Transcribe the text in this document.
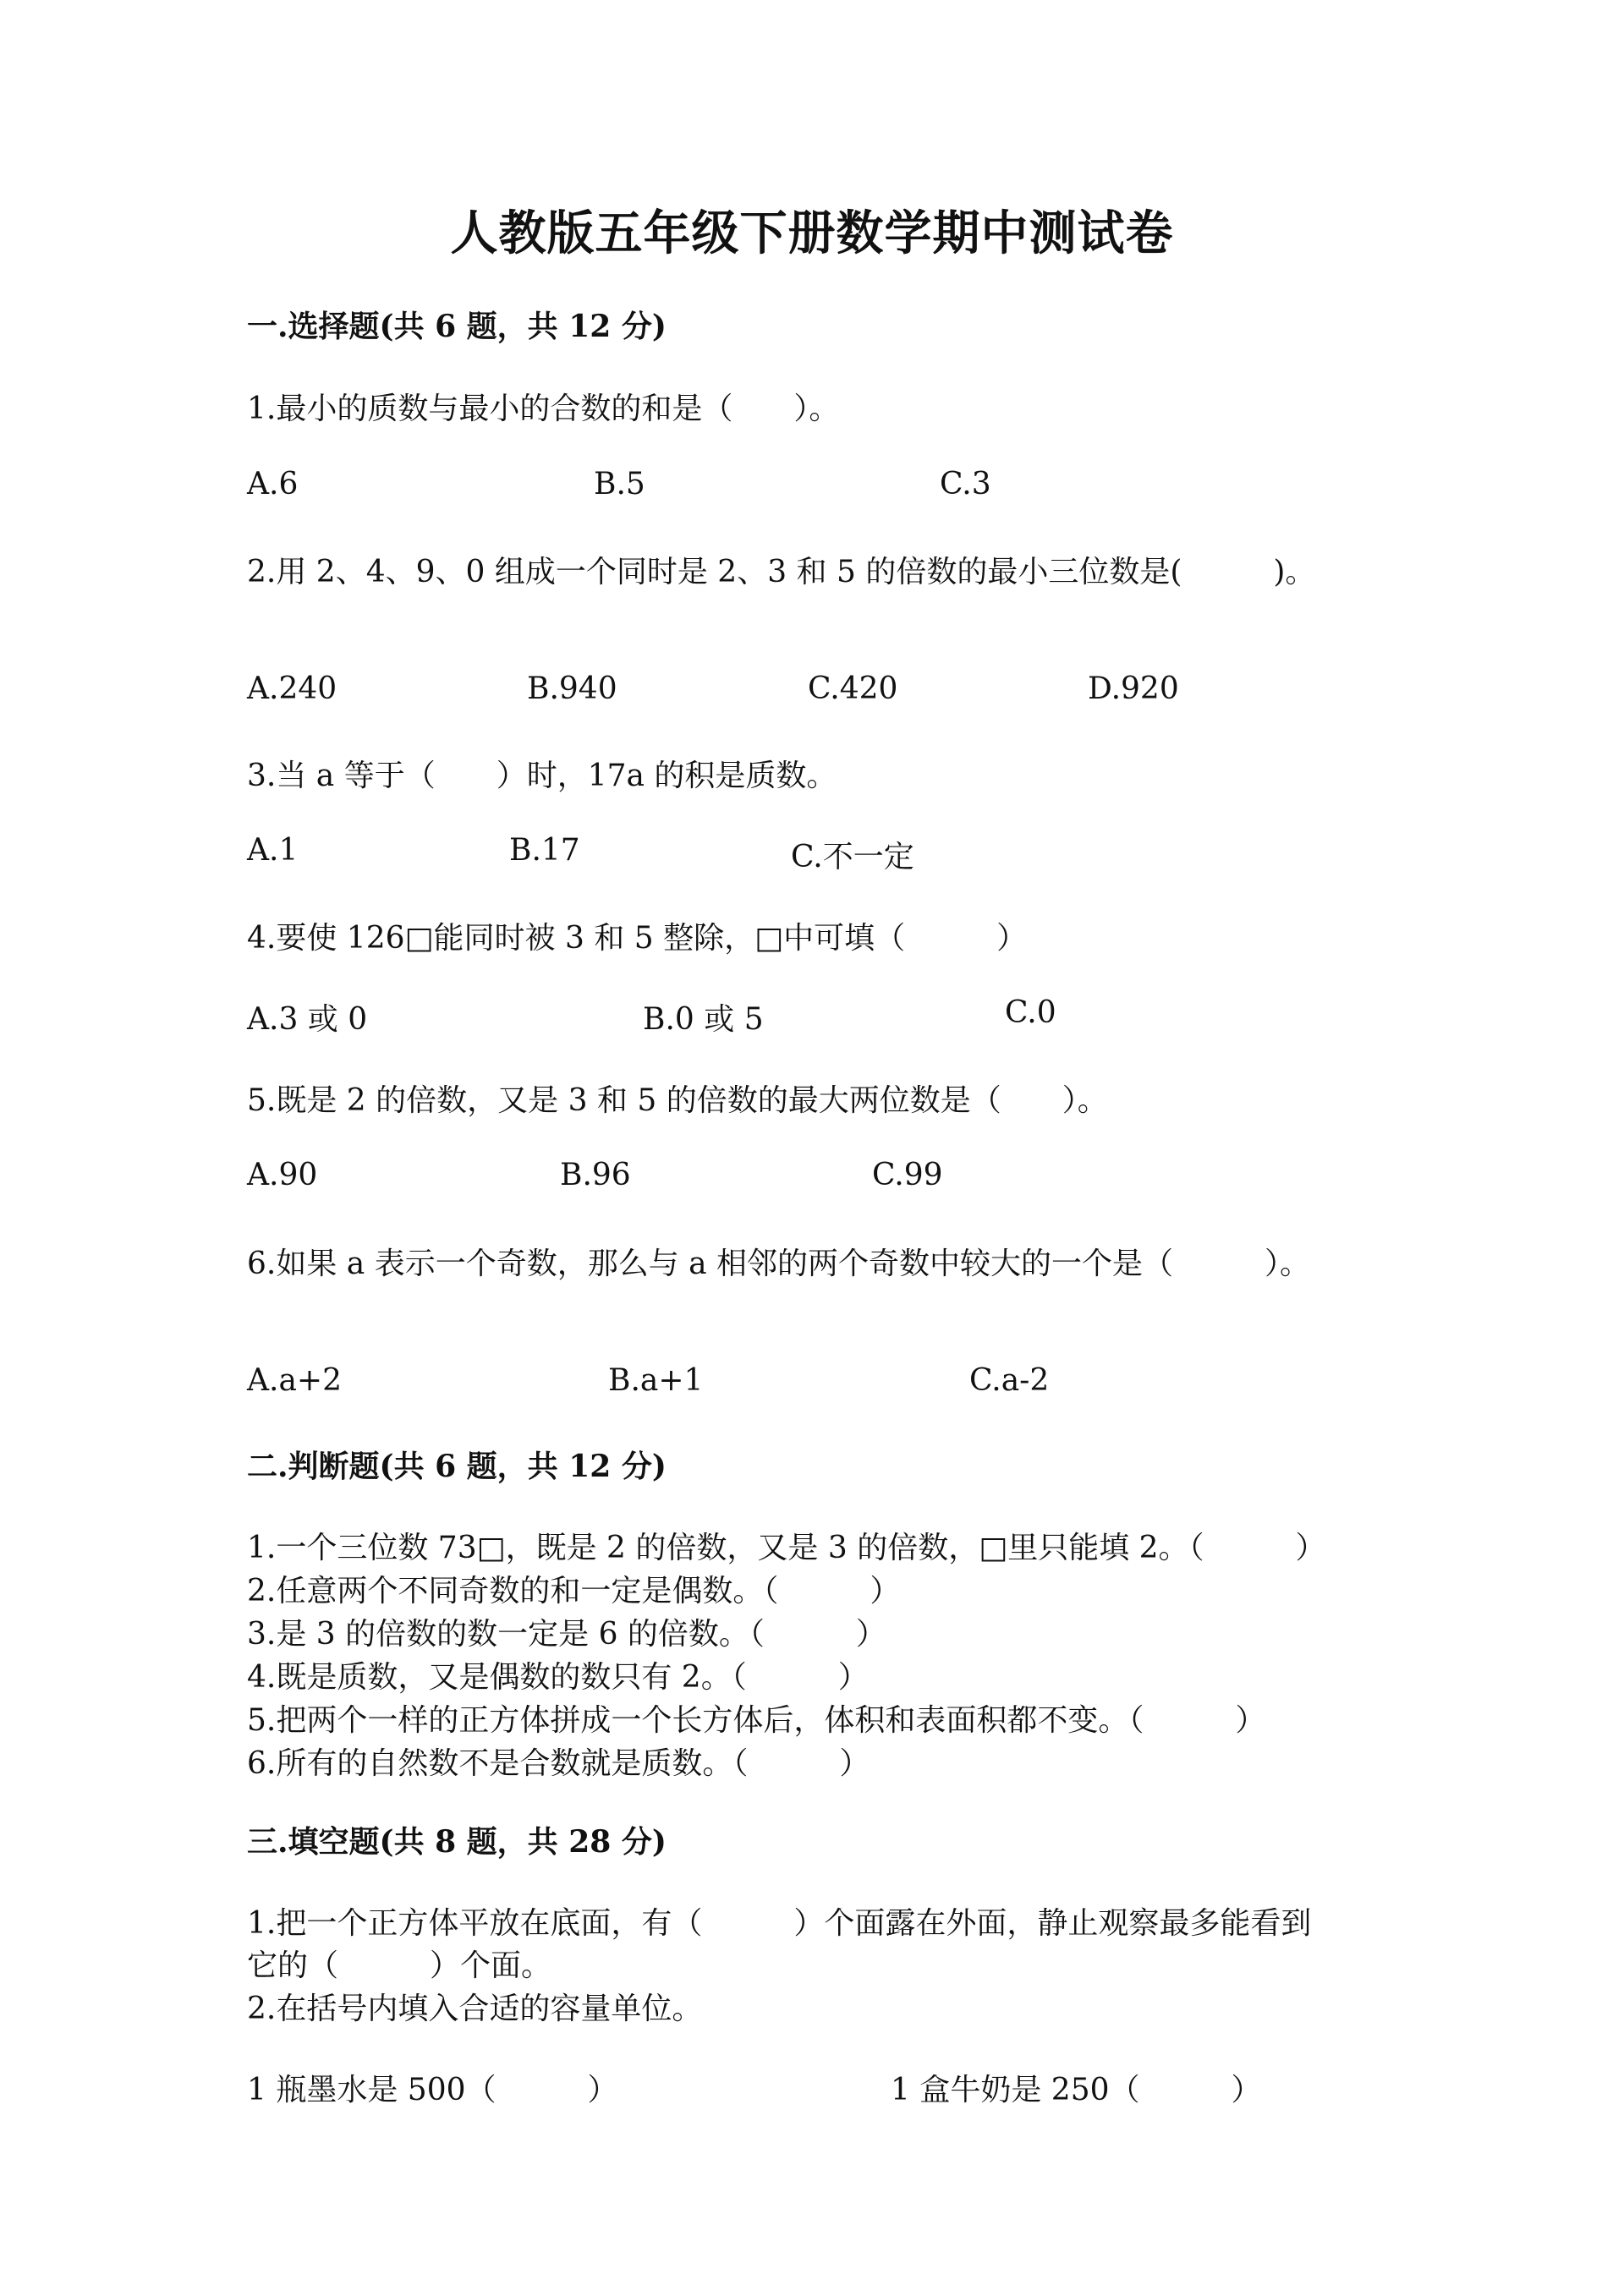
人教版五年级下册数学期中测试卷
一.选择题(共 6 题，共 12 分)
1.最小的质数与最小的合数的和是（　　）。
A.6	B.5	C.3
2.用 2、4、9、0 组成一个同时是 2、3 和 5 的倍数的最小三位数是(　　　)。
A.240	B.940	C.420	D.920
3.当 a 等于（　　）时，17a 的积是质数。
A.1	B.17	C.不一定
4.要使 126□能同时被 3 和 5 整除，□中可填（　　　）
A.3 或 0	B.0 或 5	C.0
5.既是 2 的倍数，又是 3 和 5 的倍数的最大两位数是（　　）。
A.90	B.96	C.99
6.如果 a 表示一个奇数，那么与 a 相邻的两个奇数中较大的一个是（　　　）。
A.a+2	B.a+1	C.a-2
二.判断题(共 6 题，共 12 分)
1.一个三位数 73□，既是 2 的倍数，又是 3 的倍数，□里只能填 2。（　　　）
2.任意两个不同奇数的和一定是偶数。（　　　）
3.是 3 的倍数的数一定是 6 的倍数。（　　　）
4.既是质数，又是偶数的数只有 2。（　　　）
5.把两个一样的正方体拼成一个长方体后，体积和表面积都不变。（　　　）
6.所有的自然数不是合数就是质数。（　　　）
三.填空题(共 8 题，共 28 分)
1.把一个正方体平放在底面，有（　　　）个面露在外面，静止观察最多能看到
它的（　　　）个面。
2.在括号内填入合适的容量单位。
1 瓶墨水是 500（　　　）	1 盒牛奶是 250（　　　）
